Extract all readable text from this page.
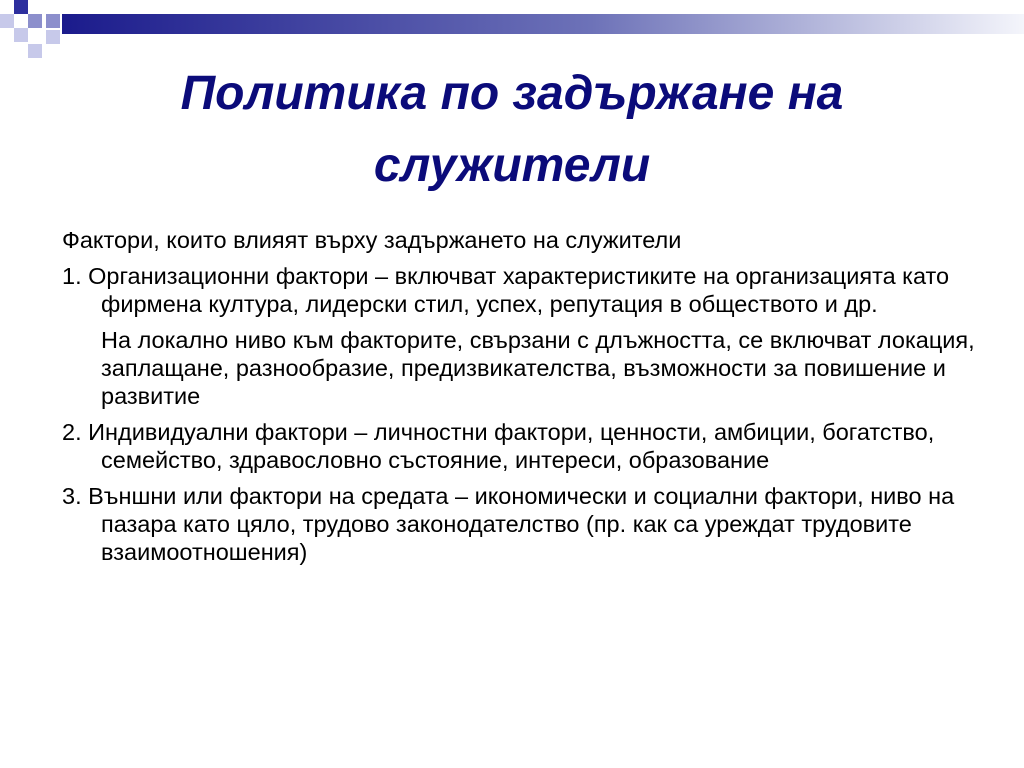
Политика по задържане на служители

Фактори, които влияят върху задържането на служители

1. Организационни фактори – включват характеристиките на организацията като фирмена култура, лидерски стил, успех, репутация в обществото и др.

На локално ниво към факторите, свързани с длъжността, се включват локация, заплащане, разнообразие, предизвикателства, възможности за повишение и развитие

2. Индивидуални фактори – личностни фактори, ценности, амбиции, богатство, семейство, здравословно състояние, интереси, образование

3. Външни или фактори на средата – икономически и социални фактори, ниво на пазара като цяло, трудово законодателство (пр. как са уреждат трудовите взаимоотношения)
